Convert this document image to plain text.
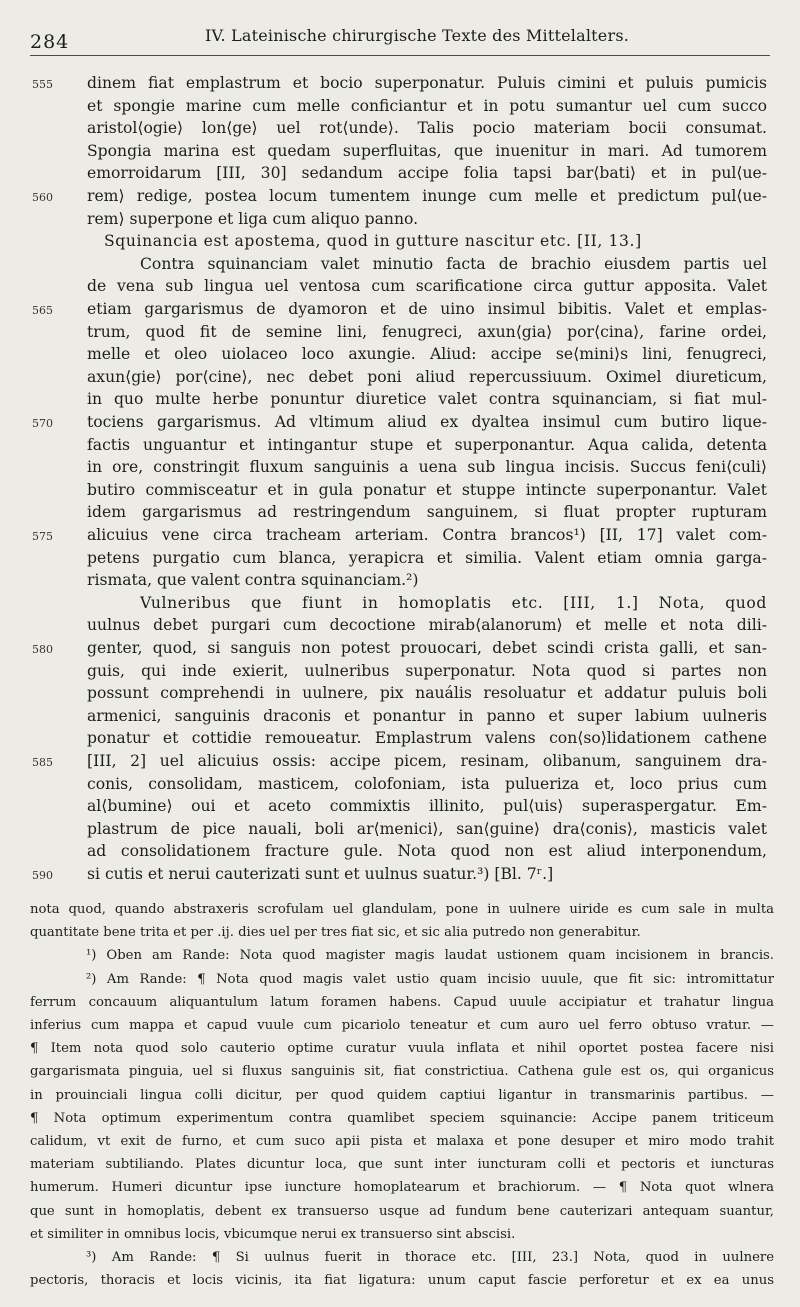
284	IV. Lateinische chirurgische Texte des Mittelalters.
555	dinem fiat emplastrum et bocio superponatur. Puluis cimini et puluis pumicis
et spongie marine cum melle conficiantur et in potu sumantur uel cum succo
aristol⟨ogie⟩ lon⟨ge⟩ uel rot⟨unde⟩. Talis pocio materiam bocii consumat.
Spongia marina est quedam superfluitas, que inuenitur in mari. Ad tumorem
emorroidarum [III, 30] sedandum accipe folia tapsi bar⟨bati⟩ et in pul⟨ue-
560	rem⟩ redige, postea locum tumentem inunge cum melle et predictum pul⟨ue-
rem⟩ superpone et liga cum aliquo panno.
Squinancia est apostema, quod in gutture nascitur etc. [II, 13.]
Contra squinanciam valet minutio facta de brachio eiusdem partis uel
de vena sub lingua uel ventosa cum scarificatione circa guttur apposita. Valet
565	etiam gargarismus de dyamoron et de uino insimul bibitis. Valet et emplas-
trum, quod fit de semine lini, fenugreci, axun⟨gia⟩ por⟨cina⟩, farine ordei,
melle et oleo uiolaceo loco axungie. Aliud: accipe se⟨mini⟩s lini, fenugreci,
axun⟨gie⟩ por⟨cine⟩, nec debet poni aliud repercussiuum. Oximel diureticum,
in quo multe herbe ponuntur diuretice valet contra squinanciam, si fiat mul-
570	tociens gargarismus. Ad vltimum aliud ex dyaltea insimul cum butiro lique-
factis unguantur et intingantur stupe et superponantur. Aqua calida, detenta
in ore, constringit fluxum sanguinis a uena sub lingua incisis. Succus feni⟨culi⟩
butiro commisceatur et in gula ponatur et stuppe intincte superponantur. Valet
idem gargarismus ad restringendum sanguinem, si fluat propter rupturam
575	alicuius vene circa tracheam arteriam. Contra brancos¹) [II, 17] valet com-
petens purgatio cum blanca, yerapicra et similia. Valent etiam omnia garga-
rismata, que valent contra squinanciam.²)
Vulneribus que fiunt in homoplatis etc. [III, 1.] Nota, quod
uulnus debet purgari cum decoctione mirab⟨alanorum⟩ et melle et nota dili-
580	genter, quod, si sanguis non potest prouocari, debet scindi crista galli, et san-
guis, qui inde exierit, uulneribus superponatur. Nota quod si partes non
possunt comprehendi in uulnere, pix nauális resoluatur et addatur puluis boli
armenici, sanguinis draconis et ponantur in panno et super labium uulneris
ponatur et cottidie remoueatur. Emplastrum valens con⟨so⟩lidationem cathene
585	[III, 2] uel alicuius ossis: accipe picem, resinam, olibanum, sanguinem dra-
conis, consolidam, masticem, colofoniam, ista pulueriza et, loco prius cum
al⟨bumine⟩ oui et aceto commixtis illinito, pul⟨uis⟩ superaspergatur. Em-
plastrum de pice nauali, boli ar⟨menici⟩, san⟨guine⟩ dra⟨conis⟩, masticis valet
ad consolidationem fracture gule. Nota quod non est aliud interponendum,
590	si cutis et nerui cauterizati sunt et uulnus suatur.³) [Bl. 7ʳ.]
nota quod, quando abstraxeris scrofulam uel glandulam, pone in uulnere uiride es cum sale in multa
quantitate bene trita et per .ij. dies uel per tres fiat sic, et sic alia putredo non generabitur.
¹) Oben am Rande: Nota quod magister magis laudat ustionem quam incisionem in brancis.
²) Am Rande: ¶ Nota quod magis valet ustio quam incisio uuule, que fit sic: intromittatur
ferrum concauum aliquantulum latum foramen habens. Capud uuule accipiatur et trahatur lingua
inferius cum mappa et capud vuule cum picariolo teneatur et cum auro uel ferro obtuso vratur. —
¶ Item nota quod solo cauterio optime curatur vuula inflata et nihil oportet postea facere nisi
gargarismata pinguia, uel si fluxus sanguinis sit, fiat constrictiua. Cathena gule est os, qui organicus
in prouinciali lingua colli dicitur, per quod quidem captiui ligantur in transmarinis partibus. —
¶ Nota optimum experimentum contra quamlibet speciem squinancie: Accipe panem triticeum
calidum, vt exit de furno, et cum suco apii pista et malaxa et pone desuper et miro modo trahit
materiam subtiliando. Plates dicuntur loca, que sunt inter iuncturam colli et pectoris et iuncturas
humerum. Humeri dicuntur ipse iuncture homoplatearum et brachiorum. — ¶ Nota quot wlnera
que sunt in homoplatis, debent ex transuerso usque ad fundum bene cauterizari antequam suantur,
et similiter in omnibus locis, vbicumque nerui ex transuerso sint abscisi.
³) Am Rande: ¶ Si uulnus fuerit in thorace etc. [III, 23.] Nota, quod in uulnere
pectoris, thoracis et locis vicinis, ita fiat ligatura: unum caput fascie perforetur et ex ea unus
